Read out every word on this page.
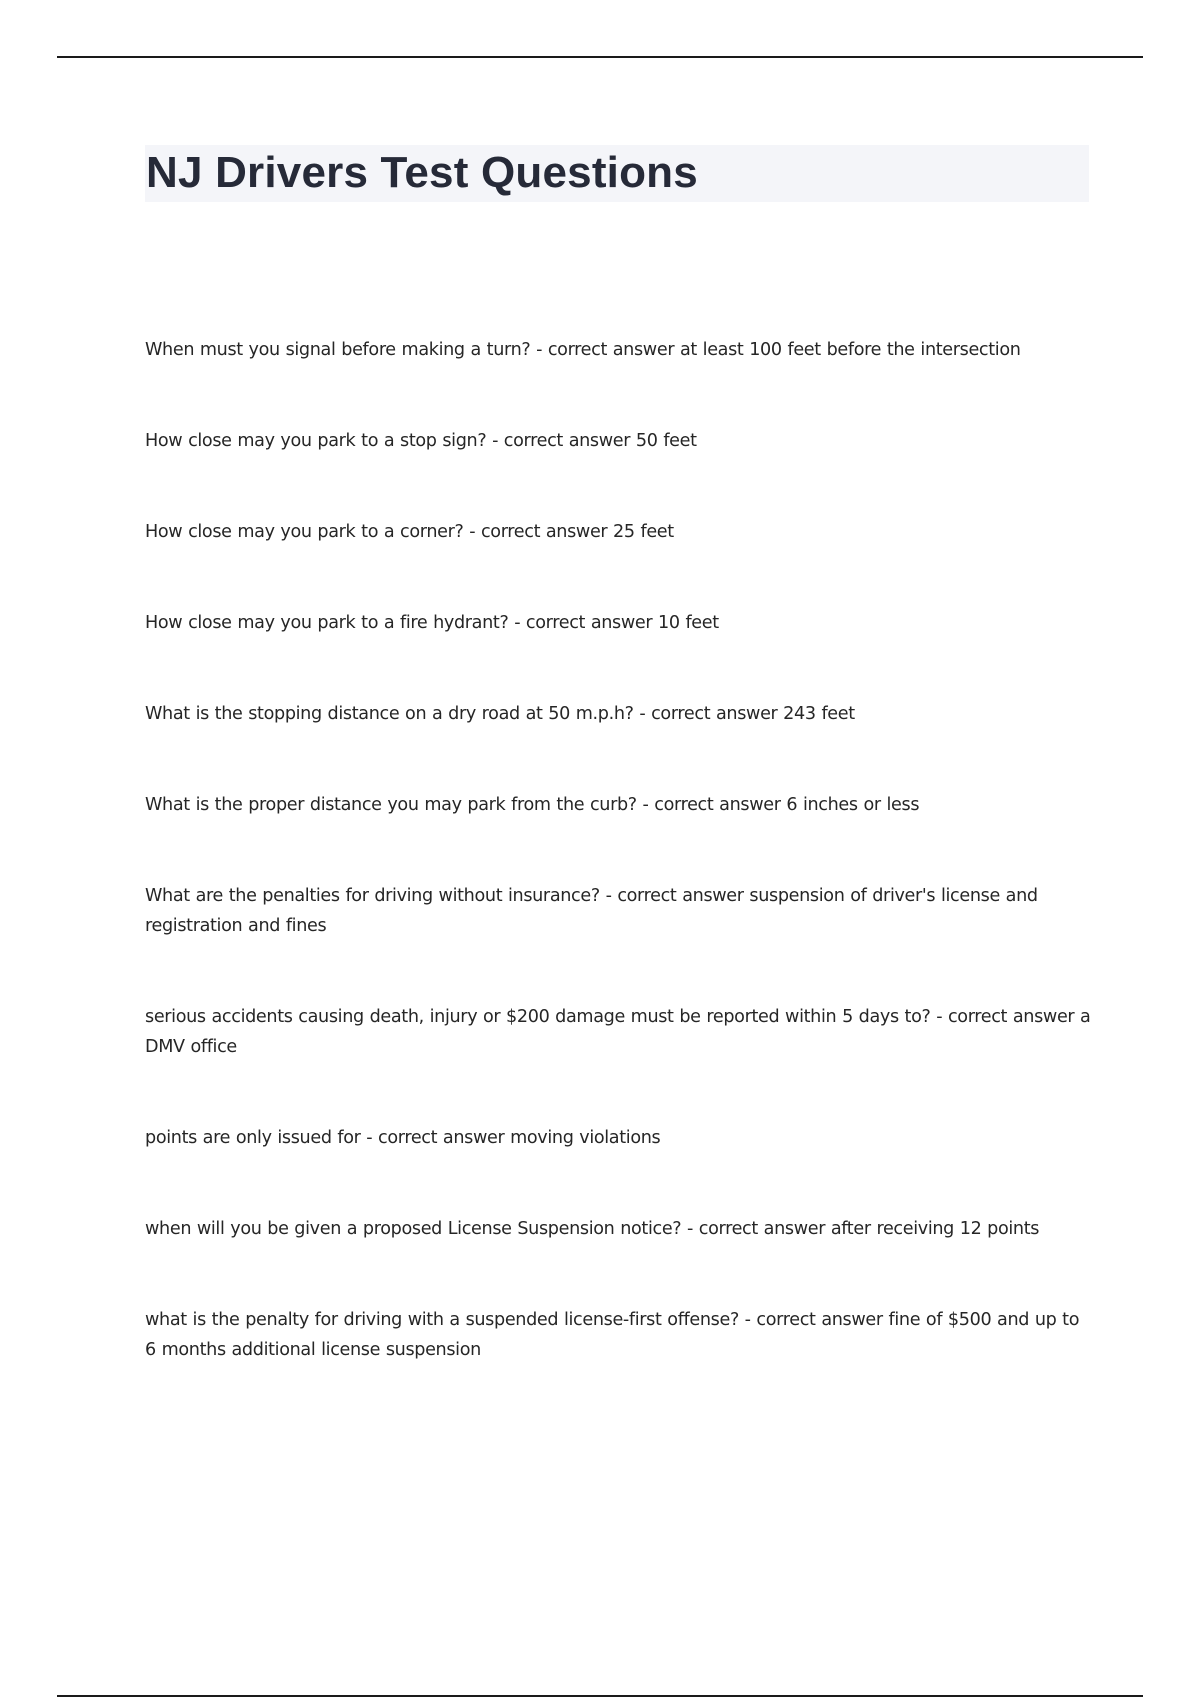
NJ Drivers Test Questions
When must you signal before making a turn? - correct answer at least 100 feet before the intersection
How close may you park to a stop sign? - correct answer 50 feet
How close may you park to a corner? - correct answer 25 feet
How close may you park to a fire hydrant? - correct answer 10 feet
What is the stopping distance on a dry road at 50 m.p.h? - correct answer 243 feet
What is the proper distance you may park from the curb? - correct answer 6 inches or less
What are the penalties for driving without insurance? - correct answer suspension of driver's license and registration and fines
serious accidents causing death, injury or $200 damage must be reported within 5 days to? - correct answer a DMV office
points are only issued for - correct answer moving violations
when will you be given a proposed License Suspension notice? - correct answer after receiving 12 points
what is the penalty for driving with a suspended license-first offense? - correct answer fine of $500 and up to 6 months additional license suspension
